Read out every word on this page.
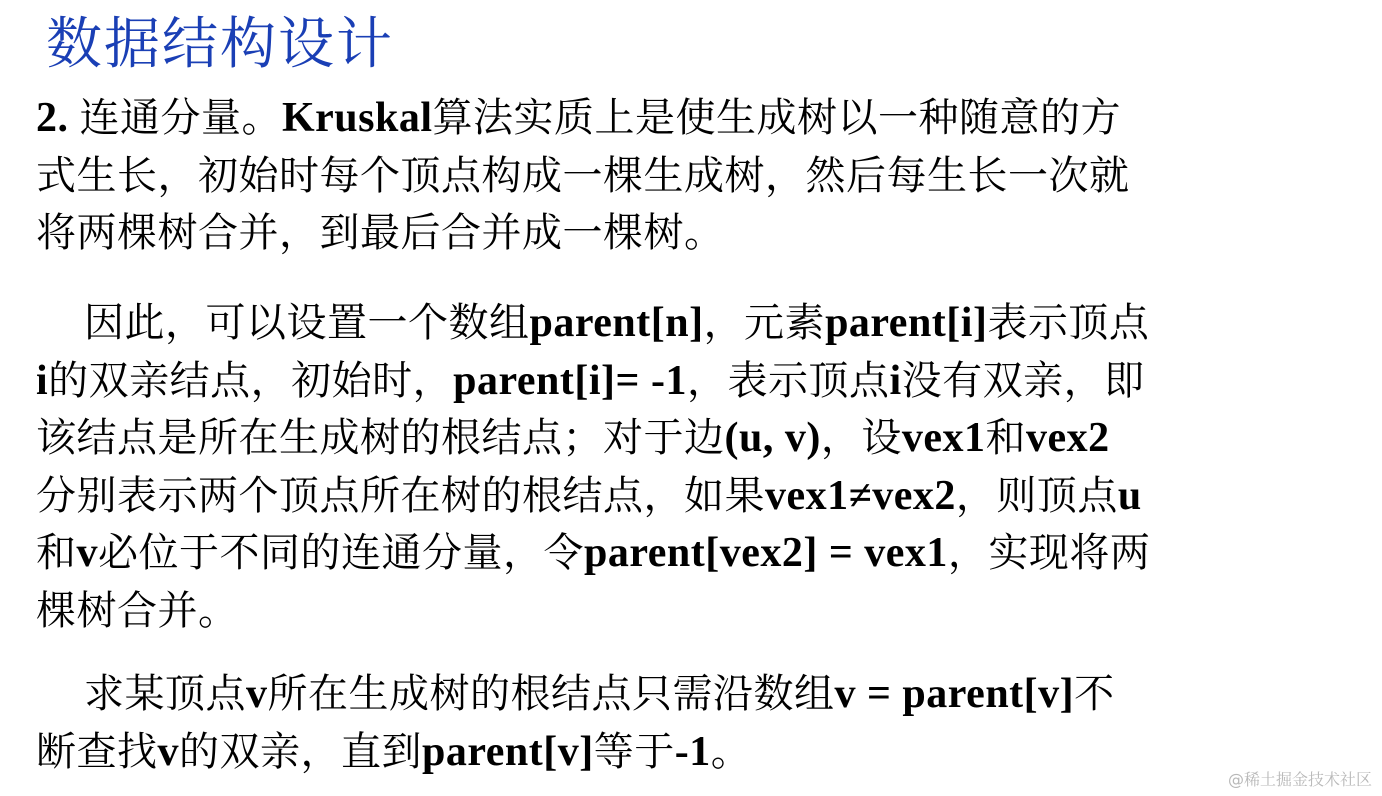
数据结构设计
2. 连通分量。Kruskal算法实质上是使生成树以一种随意的方
式生长，初始时每个顶点构成一棵生成树，然后每生长一次就
将两棵树合并，到最后合并成一棵树。
因此，可以设置一个数组parent[n]，元素parent[i]表示顶点
i的双亲结点，初始时，parent[i]= -1，表示顶点i没有双亲，即
该结点是所在生成树的根结点；对于边(u, v)，设vex1和vex2
分别表示两个顶点所在树的根结点，如果vex1≠vex2，则顶点u
和v必位于不同的连通分量，令parent[vex2] = vex1，实现将两
棵树合并。
求某顶点v所在生成树的根结点只需沿数组v = parent[v]不
断查找v的双亲，直到parent[v]等于-1。
@稀土掘金技术社区
